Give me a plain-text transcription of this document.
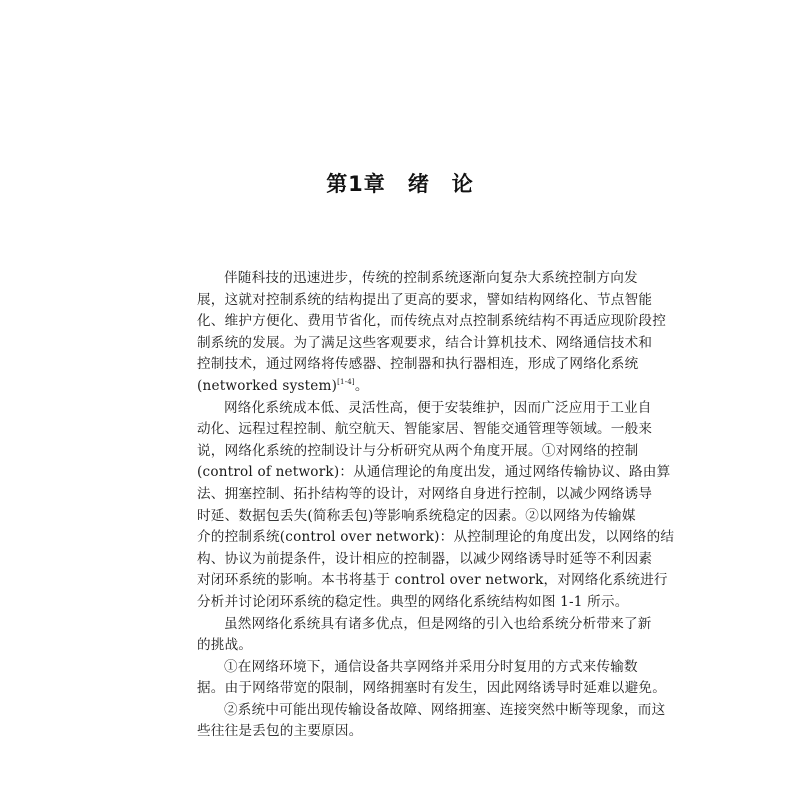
第1章 绪　论

伴随科技的迅速进步，传统的控制系统逐渐向复杂大系统控制方向发
展，这就对控制系统的结构提出了更高的要求，譬如结构网络化、节点智能
化、维护方便化、费用节省化，而传统点对点控制系统结构不再适应现阶段控
制系统的发展。为了满足这些客观要求，结合计算机技术、网络通信技术和
控制技术，通过网络将传感器、控制器和执行器相连，形成了网络化系统
(networked system)[1-4]。

网络化系统成本低、灵活性高，便于安装维护，因而广泛应用于工业自
动化、远程过程控制、航空航天、智能家居、智能交通管理等领域。一般来
说，网络化系统的控制设计与分析研究从两个角度开展。①对网络的控制
(control of network)：从通信理论的角度出发，通过网络传输协议、路由算
法、拥塞控制、拓扑结构等的设计，对网络自身进行控制，以减少网络诱导
时延、数据包丢失(简称丢包)等影响系统稳定的因素。②以网络为传输媒
介的控制系统(control over network)：从控制理论的角度出发，以网络的结
构、协议为前提条件，设计相应的控制器，以减少网络诱导时延等不利因素
对闭环系统的影响。本书将基于 control over network，对网络化系统进行
分析并讨论闭环系统的稳定性。典型的网络化系统结构如图 1-1 所示。

虽然网络化系统具有诸多优点，但是网络的引入也给系统分析带来了新
的挑战。

①在网络环境下，通信设备共享网络并采用分时复用的方式来传输数
据。由于网络带宽的限制，网络拥塞时有发生，因此网络诱导时延难以避免。

②系统中可能出现传输设备故障、网络拥塞、连接突然中断等现象，而这
些往往是丢包的主要原因。
